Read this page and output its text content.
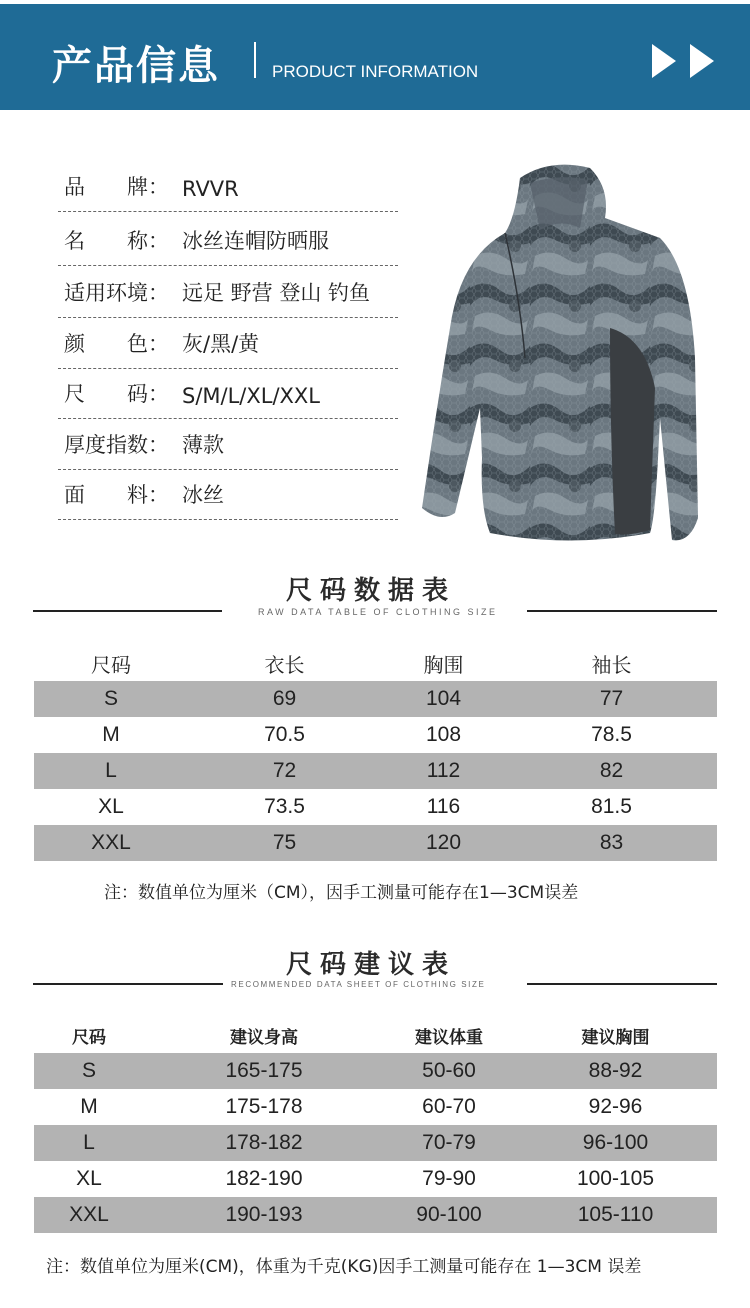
产品信息	PRODUCT INFORMATION
品　　牌： RVVR
名　　称： 冰丝连帽防晒服
适用环境： 远足 野营 登山 钓鱼
颜　　色： 灰/黑/黄
尺　　码： S/M/L/XL/XXL
厚度指数： 薄款
面　　料： 冰丝
尺码数据表
RAW DATA TABLE OF CLOTHING SIZE
尺码	衣长	胸围	袖长
S	69	104	77
M	70.5	108	78.5
L	72	112	82
XL	73.5	116	81.5
XXL	75	120	83
注：数值单位为厘米（CM），因手工测量可能存在1—3CM误差
尺码建议表
RECOMMENDED DATA SHEET OF CLOTHING SIZE
尺码	建议身高	建议体重	建议胸围
S	165-175	50-60	88-92
M	175-178	60-70	92-96
L	178-182	70-79	96-100
XL	182-190	79-90	100-105
XXL	190-193	90-100	105-110
注：数值单位为厘米(CM)，体重为千克(KG)因手工测量可能存在 1—3CM 误差
